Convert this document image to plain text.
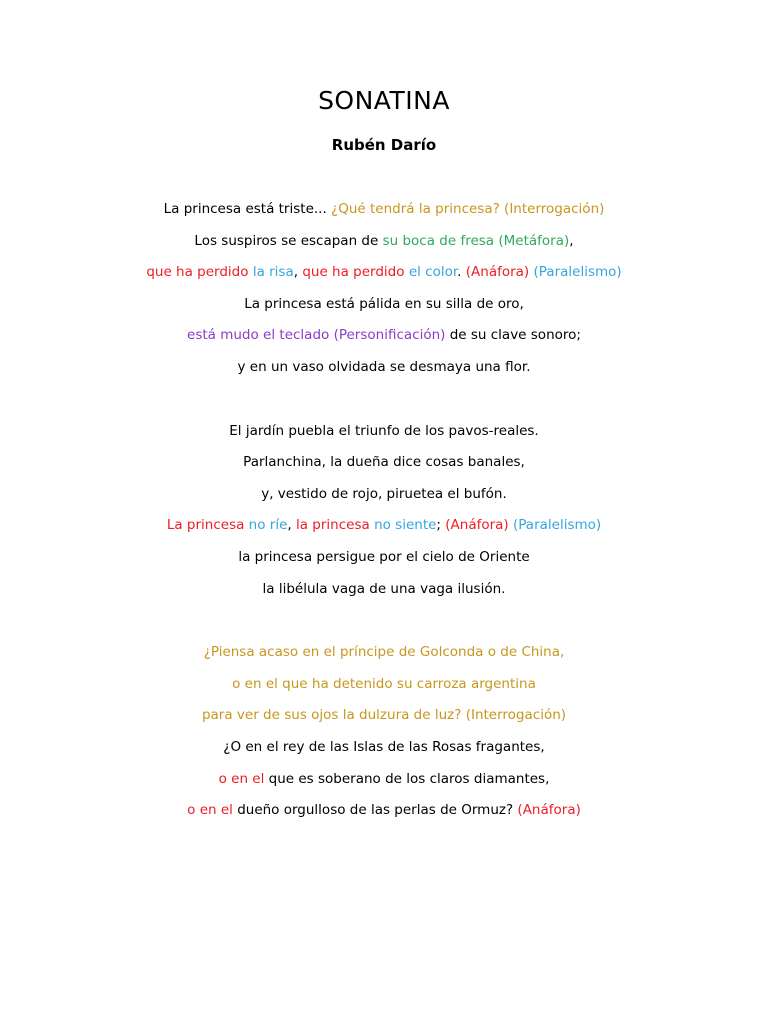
SONATINA
Rubén Darío
La princesa está triste... ¿Qué tendrá la princesa? (Interrogación)
Los suspiros se escapan de su boca de fresa (Metáfora),
que ha perdido la risa, que ha perdido el color. (Anáfora) (Paralelismo)
La princesa está pálida en su silla de oro,
está mudo el teclado (Personificación) de su clave sonoro;
y en un vaso olvidada se desmaya una flor.
El jardín puebla el triunfo de los pavos-reales.
Parlanchina, la dueña dice cosas banales,
y, vestido de rojo, piruetea el bufón.
La princesa no ríe, la princesa no siente; (Anáfora) (Paralelismo)
la princesa persigue por el cielo de Oriente
la libélula vaga de una vaga ilusión.
¿Piensa acaso en el príncipe de Golconda o de China,
o en el que ha detenido su carroza argentina
para ver de sus ojos la dulzura de luz? (Interrogación)
¿O en el rey de las Islas de las Rosas fragantes,
o en el que es soberano de los claros diamantes,
o en el dueño orgulloso de las perlas de Ormuz? (Anáfora)
